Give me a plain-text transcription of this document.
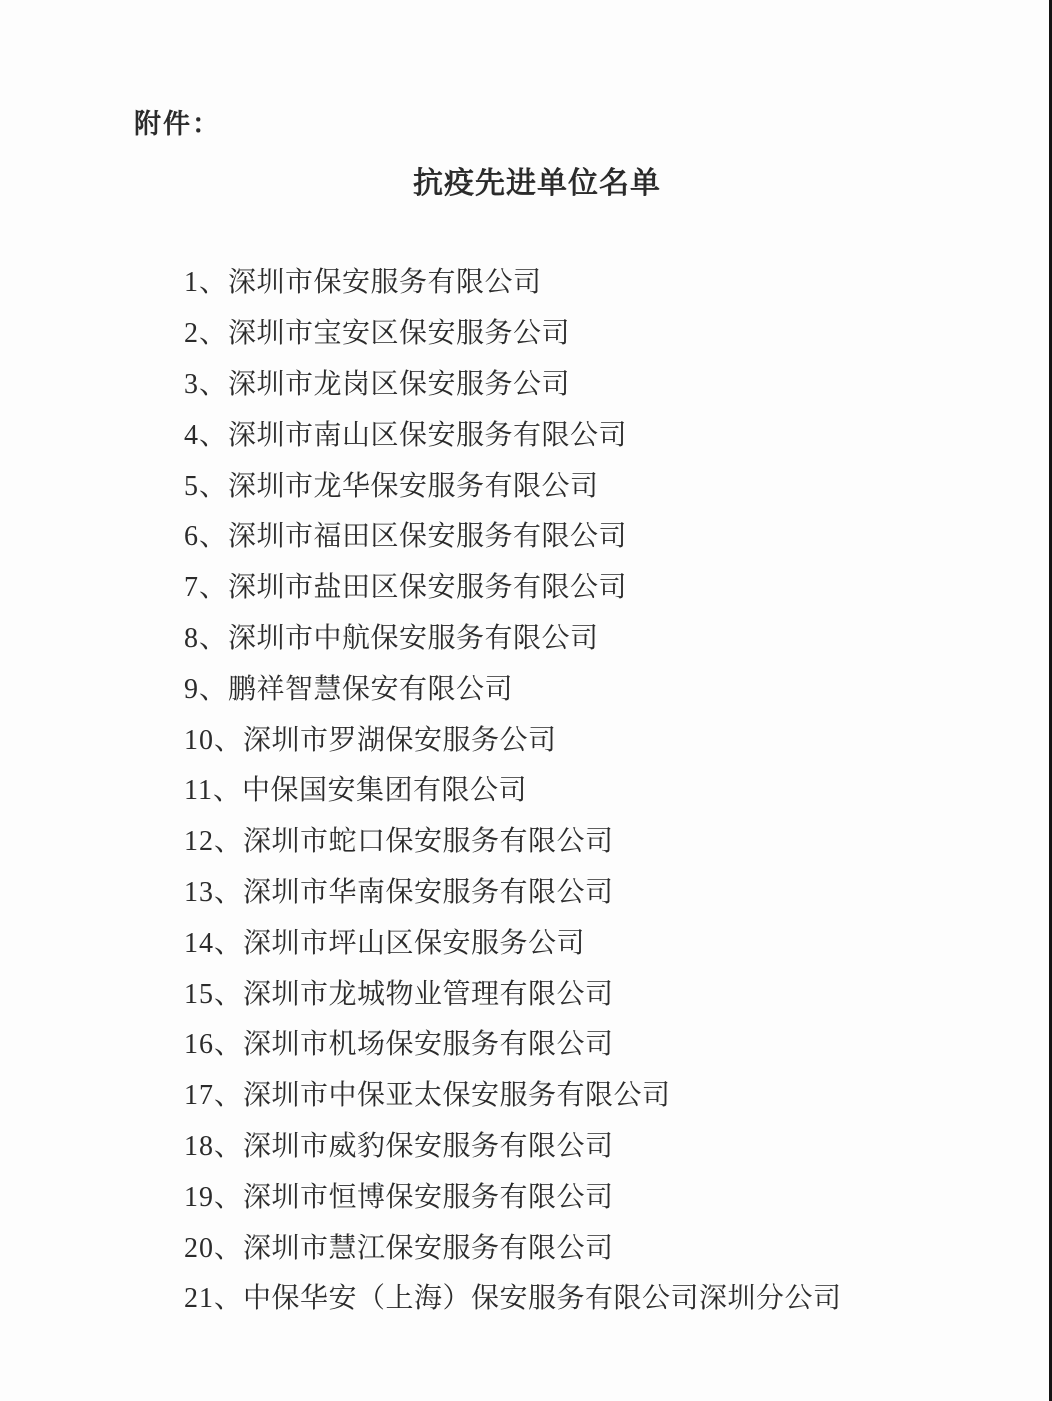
附件：
抗疫先进单位名单
1、 深圳市保安服务有限公司
2、 深圳市宝安区保安服务公司
3、 深圳市龙岗区保安服务公司
4、 深圳市南山区保安服务有限公司
5、 深圳市龙华保安服务有限公司
6、 深圳市福田区保安服务有限公司
7、 深圳市盐田区保安服务有限公司
8、 深圳市中航保安服务有限公司
9、 鹏祥智慧保安有限公司
10、 深圳市罗湖保安服务公司
11、 中保国安集团有限公司
12、 深圳市蛇口保安服务有限公司
13、 深圳市华南保安服务有限公司
14、 深圳市坪山区保安服务公司
15、 深圳市龙城物业管理有限公司
16、 深圳市机场保安服务有限公司
17、 深圳市中保亚太保安服务有限公司
18、 深圳市威豹保安服务有限公司
19、 深圳市恒博保安服务有限公司
20、 深圳市慧江保安服务有限公司
21、 中保华安（上海）保安服务有限公司深圳分公司
